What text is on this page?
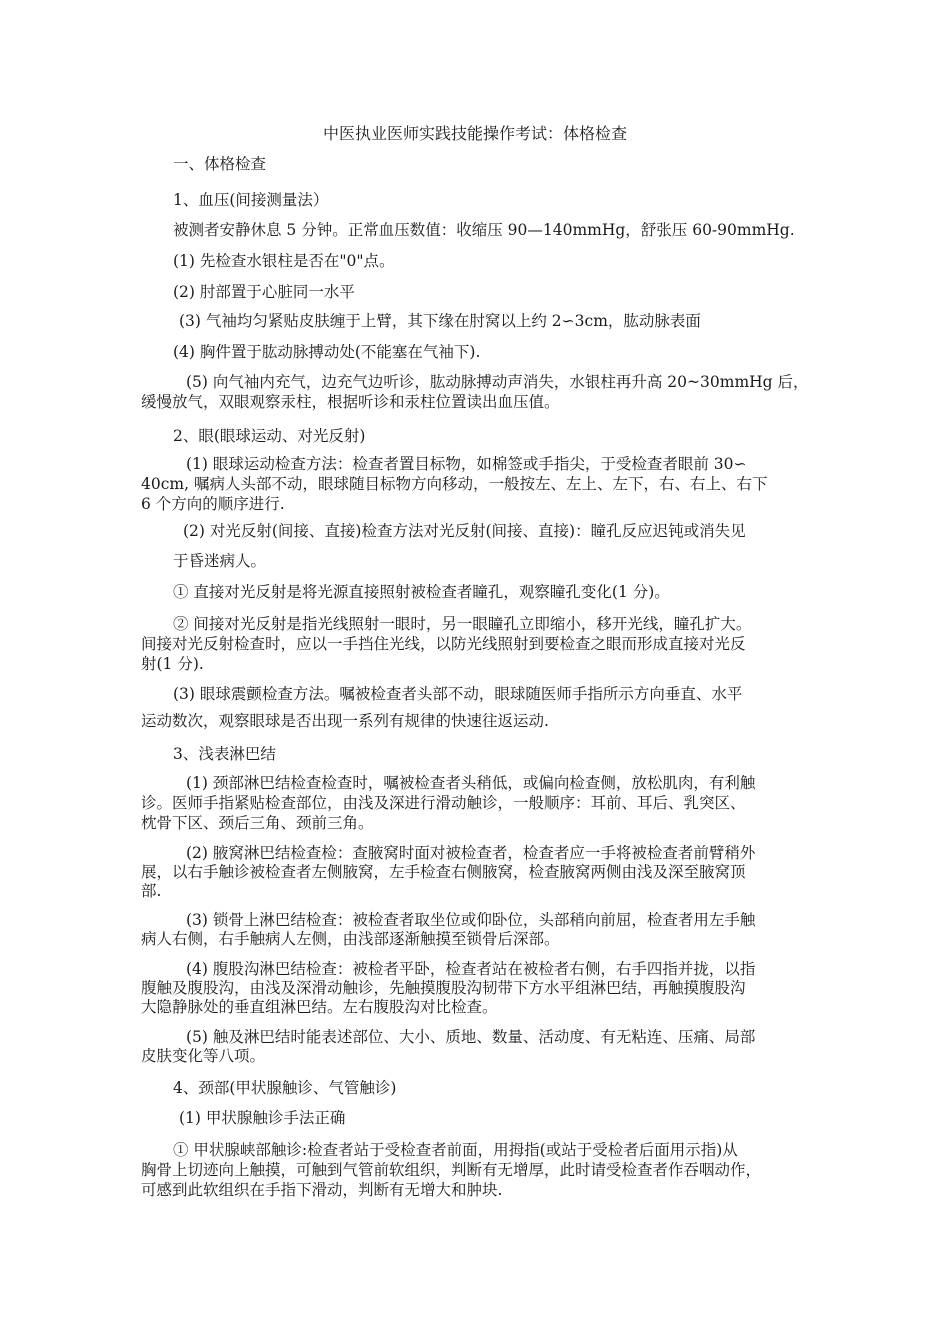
中医执业医师实践技能操作考试：体格检查
一、体格检查
1、血压(间接测量法）
被测者安静休息 5 分钟。正常血压数值：收缩压 90—140mmHg，舒张压 60-90mmHg.
(1) 先检查水银柱是否在"0"点。
(2) 肘部置于心脏同一水平
(3) 气袖均匀紧贴皮肤缠于上臂，其下缘在肘窝以上约 2∽3cm，肱动脉表面
(4) 胸件置于肱动脉搏动处(不能塞在气袖下).
(5) 向气袖内充气，边充气边听诊，肱动脉搏动声消失，水银柱再升高 20~30mmHg 后，
缓慢放气，双眼观察汞柱，根据听诊和汞柱位置读出血压值。
2、眼(眼球运动、对光反射)
(1) 眼球运动检查方法：检查者置目标物，如棉签或手指尖，于受检查者眼前 30∽
40cm, 嘱病人头部不动，眼球随目标物方向移动，一般按左、左上、左下，右、右上、右下
6 个方向的顺序进行.
(2) 对光反射(间接、直接)检查方法对光反射(间接、直接)：瞳孔反应迟钝或消失见
于昏迷病人。
① 直接对光反射是将光源直接照射被检查者瞳孔，观察瞳孔变化(1 分)。
② 间接对光反射是指光线照射一眼时，另一眼瞳孔立即缩小，移开光线，瞳孔扩大。
间接对光反射检查时，应以一手挡住光线，以防光线照射到要检查之眼而形成直接对光反
射(1 分).
(3) 眼球震颤检查方法。嘱被检查者头部不动，眼球随医师手指所示方向垂直、水平
运动数次，观察眼球是否出现一系列有规律的快速往返运动.
3、浅表淋巴结
(1) 颈部淋巴结检查检查时，嘱被检查者头稍低，或偏向检查侧，放松肌肉，有利触
诊。医师手指紧贴检查部位，由浅及深进行滑动触诊，一般顺序：耳前、耳后、乳突区、
枕骨下区、颈后三角、颈前三角。
(2) 腋窝淋巴结检查检：查腋窝时面对被检查者，检查者应一手将被检查者前臂稍外
展，以右手触诊被检查者左侧腋窝，左手检查右侧腋窝，检查腋窝两侧由浅及深至腋窝顶
部.
(3) 锁骨上淋巴结检查：被检查者取坐位或仰卧位，头部稍向前屈，检查者用左手触
病人右侧，右手触病人左侧，由浅部逐渐触摸至锁骨后深部。
(4) 腹股沟淋巴结检查：被检者平卧，检查者站在被检者右侧，右手四指并拢，以指
腹触及腹股沟，由浅及深滑动触诊，先触摸腹股沟韧带下方水平组淋巴结，再触摸腹股沟
大隐静脉处的垂直组淋巴结。左右腹股沟对比检查。
(5) 触及淋巴结时能表述部位、大小、质地、数量、活动度、有无粘连、压痛、局部
皮肤变化等八项。
4、颈部(甲状腺触诊、气管触诊)
(1) 甲状腺触诊手法正确
① 甲状腺峡部触诊:检查者站于受检查者前面，用拇指(或站于受检者后面用示指)从
胸骨上切迹向上触摸，可触到气管前软组织，判断有无增厚，此时请受检查者作吞咽动作，
可感到此软组织在手指下滑动，判断有无增大和肿块.
